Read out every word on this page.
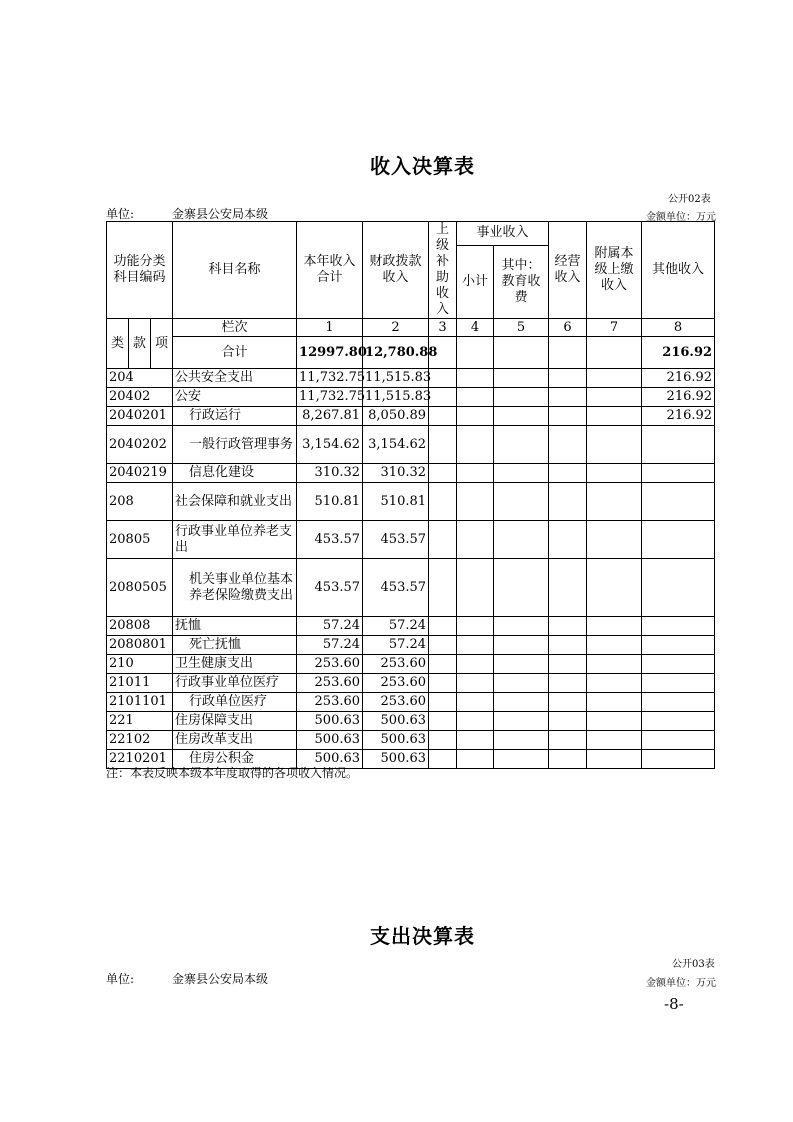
收入决算表
公开02表
单位:	金寨县公安局本级	金额单位：万元
功能分类科目编码			科目名称	本年收入合计	财政拨款收入	上级补助收入	事业收入		经营收入	附属本级上缴收入	其他收入
							小计	其中：教育收费			
类	款	项	栏次	1	2	3	4	5	6	7	8
			合计	12997.80	12,780.88						216.92
204			公共安全支出	11,732.75	11,515.83						216.92
20402			公安	11,732.75	11,515.83						216.92
2040201			行政运行	8,267.81	8,050.89						216.92
2040202			一般行政管理事务	3,154.62	3,154.62						
2040219			信息化建设	310.32	310.32						
208			社会保障和就业支出	510.81	510.81						
20805			行政事业单位养老支出	453.57	453.57						
2080505			机关事业单位基本养老保险缴费支出	453.57	453.57						
20808			抚恤	57.24	57.24						
2080801			死亡抚恤	57.24	57.24						
210			卫生健康支出	253.60	253.60						
21011			行政事业单位医疗	253.60	253.60						
2101101			行政单位医疗	253.60	253.60						
221			住房保障支出	500.63	500.63						
22102			住房改革支出	500.63	500.63						
2210201			住房公积金	500.63	500.63						
注：本表反映本级本年度取得的各项收入情况。
支出决算表
公开03表
单位:	金寨县公安局本级	金额单位：万元
-8-
